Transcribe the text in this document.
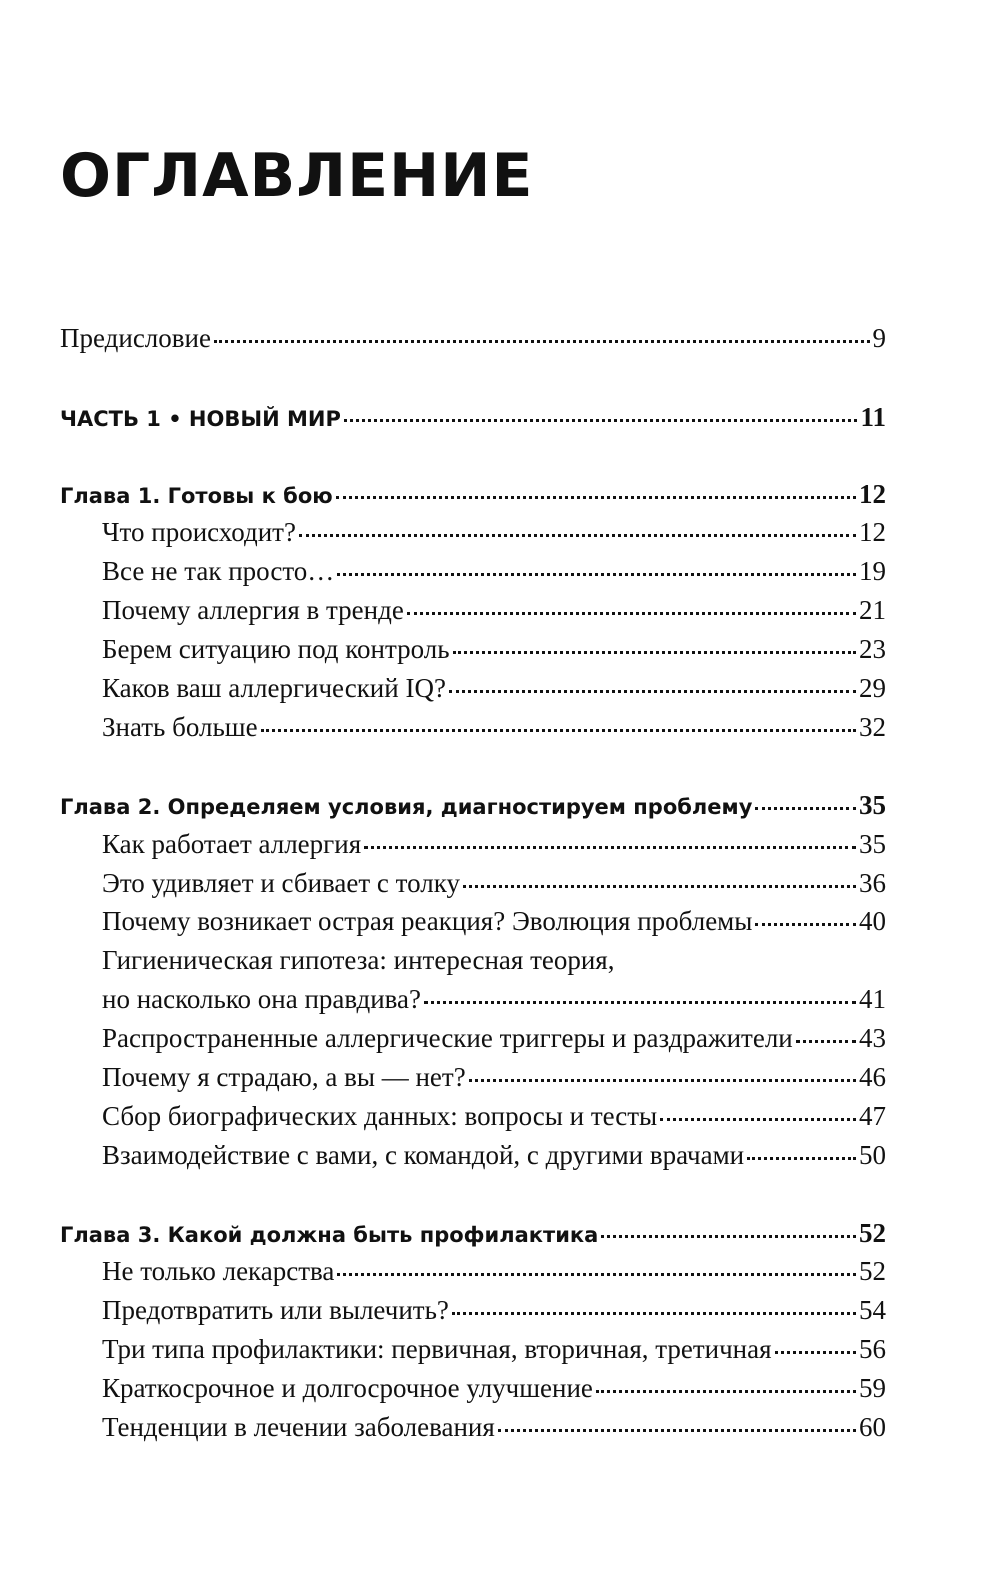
ОГЛАВЛЕНИЕ
Предисловие	9
ЧАСТЬ 1 • НОВЫЙ МИР	11
Глава 1. Готовы к бою	12
Что происходит?	12
Все не так просто…	19
Почему аллергия в тренде	21
Берем ситуацию под контроль	23
Каков ваш аллергический IQ?	29
Знать больше	32
Глава 2. Определяем условия, диагностируем проблему	35
Как работает аллергия	35
Это удивляет и сбивает с толку	36
Почему возникает острая реакция? Эволюция проблемы	40
Гигиеническая гипотеза: интересная теория,
но насколько она правдива?	41
Распространенные аллергические триггеры и раздражители 43
Почему я страдаю, а вы — нет?	46
Сбор биографических данных: вопросы и тесты	47
Взаимодействие с вами, с командой, с другими врачами	50
Глава 3. Какой должна быть профилактика	52
Не только лекарства	52
Предотвратить или вылечить?	54
Три типа профилактики: первичная, вторичная, третичная	56
Краткосрочное и долгосрочное улучшение	59
Тенденции в лечении заболевания	60
